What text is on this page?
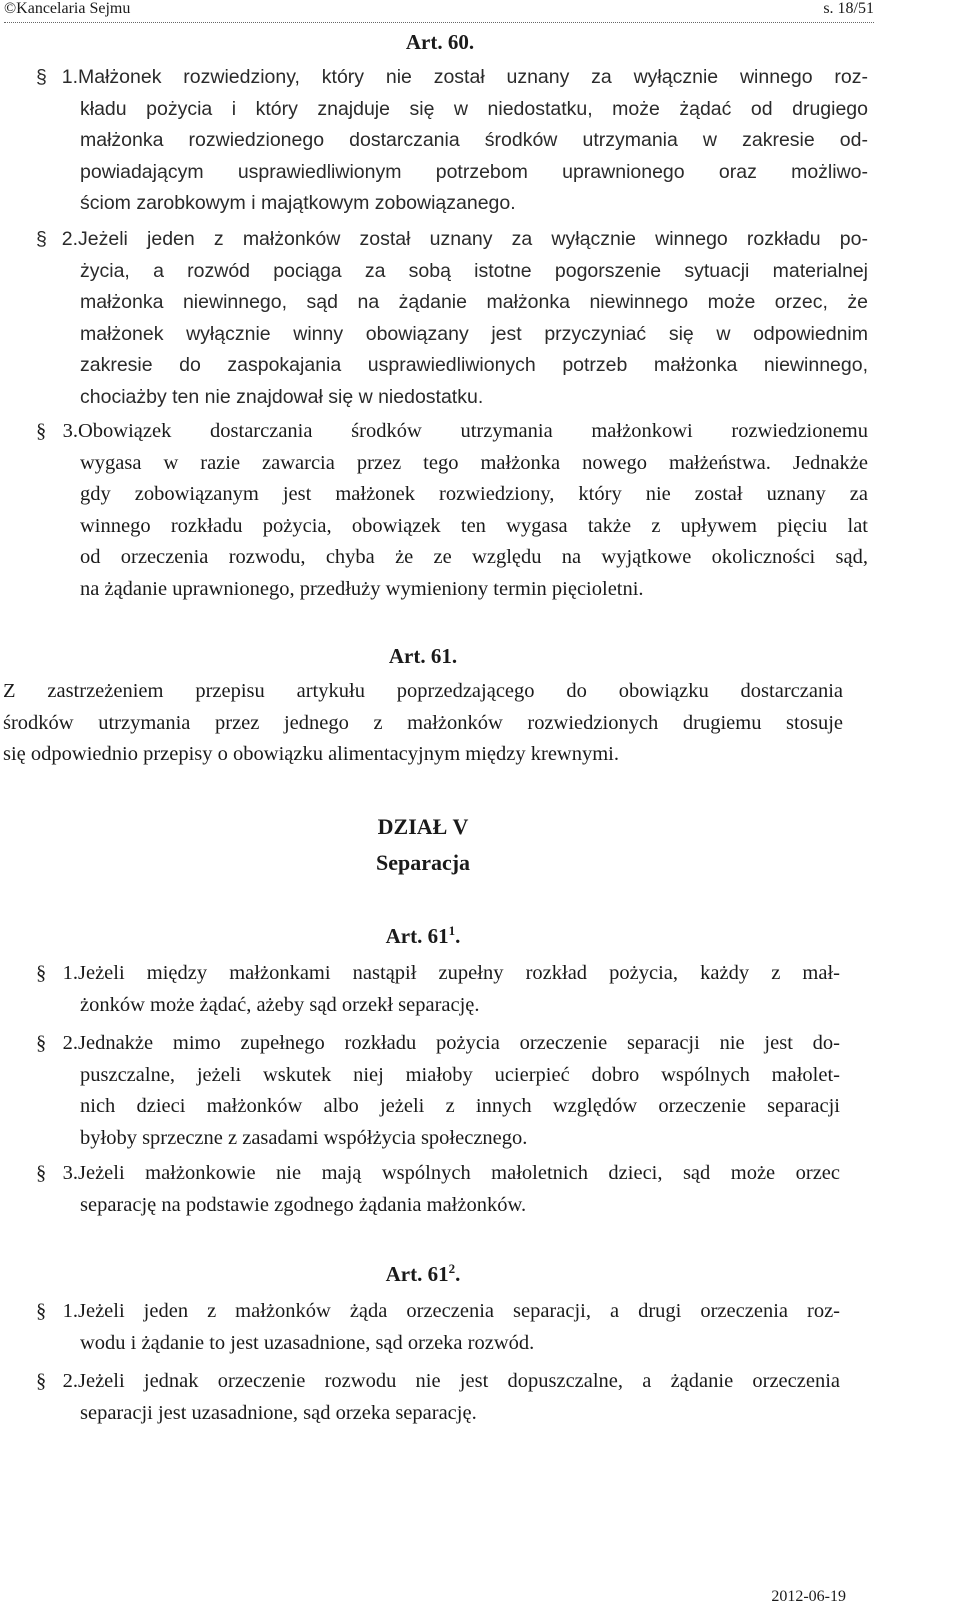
©Kancelaria Sejmu	s. 18/51
Art. 60.
§ 1.Małżonek rozwiedziony, który nie został uznany za wyłącznie winnego roz-
kładu pożycia i który znajduje się w niedostatku, może żądać od drugiego
małżonka rozwiedzionego dostarczania środków utrzymania w zakresie od-
powiadającym usprawiedliwionym potrzebom uprawnionego oraz możliwo-
ściom zarobkowym i majątkowym zobowiązanego.
§ 2.Jeżeli jeden z małżonków został uznany za wyłącznie winnego rozkładu po-
życia, a rozwód pociąga za sobą istotne pogorszenie sytuacji materialnej
małżonka niewinnego, sąd na żądanie małżonka niewinnego może orzec, że
małżonek wyłącznie winny obowiązany jest przyczyniać się w odpowiednim
zakresie do zaspokajania usprawiedliwionych potrzeb małżonka niewinnego,
chociażby ten nie znajdował się w niedostatku.
§ 3.Obowiązek dostarczania środków utrzymania małżonkowi rozwiedzionemu
wygasa w razie zawarcia przez tego małżonka nowego małżeństwa. Jednakże
gdy zobowiązanym jest małżonek rozwiedziony, który nie został uznany za
winnego rozkładu pożycia, obowiązek ten wygasa także z upływem pięciu lat
od orzeczenia rozwodu, chyba że ze względu na wyjątkowe okoliczności sąd,
na żądanie uprawnionego, przedłuży wymieniony termin pięcioletni.
Art. 61.
Z zastrzeżeniem przepisu artykułu poprzedzającego do obowiązku dostarczania
środków utrzymania przez jednego z małżonków rozwiedzionych drugiemu stosuje
się odpowiednio przepisy o obowiązku alimentacyjnym między krewnymi.
DZIAŁ V
Separacja
Art. $61^1$.
§ 1.Jeżeli między małżonkami nastąpił zupełny rozkład pożycia, każdy z mał-
żonków może żądać, ażeby sąd orzekł separację.
§ 2.Jednakże mimo zupełnego rozkładu pożycia orzeczenie separacji nie jest do-
puszczalne, jeżeli wskutek niej miałoby ucierpieć dobro wspólnych małolet-
nich dzieci małżonków albo jeżeli z innych względów orzeczenie separacji
byłoby sprzeczne z zasadami współżycia społecznego.
§ 3.Jeżeli małżonkowie nie mają wspólnych małoletnich dzieci, sąd może orzec
separację na podstawie zgodnego żądania małżonków.
Art. $61^2$.
§ 1.Jeżeli jeden z małżonków żąda orzeczenia separacji, a drugi orzeczenia roz-
wodu i żądanie to jest uzasadnione, sąd orzeka rozwód.
§ 2.Jeżeli jednak orzeczenie rozwodu nie jest dopuszczalne, a żądanie orzeczenia
separacji jest uzasadnione, sąd orzeka separację.
2012-06-19
